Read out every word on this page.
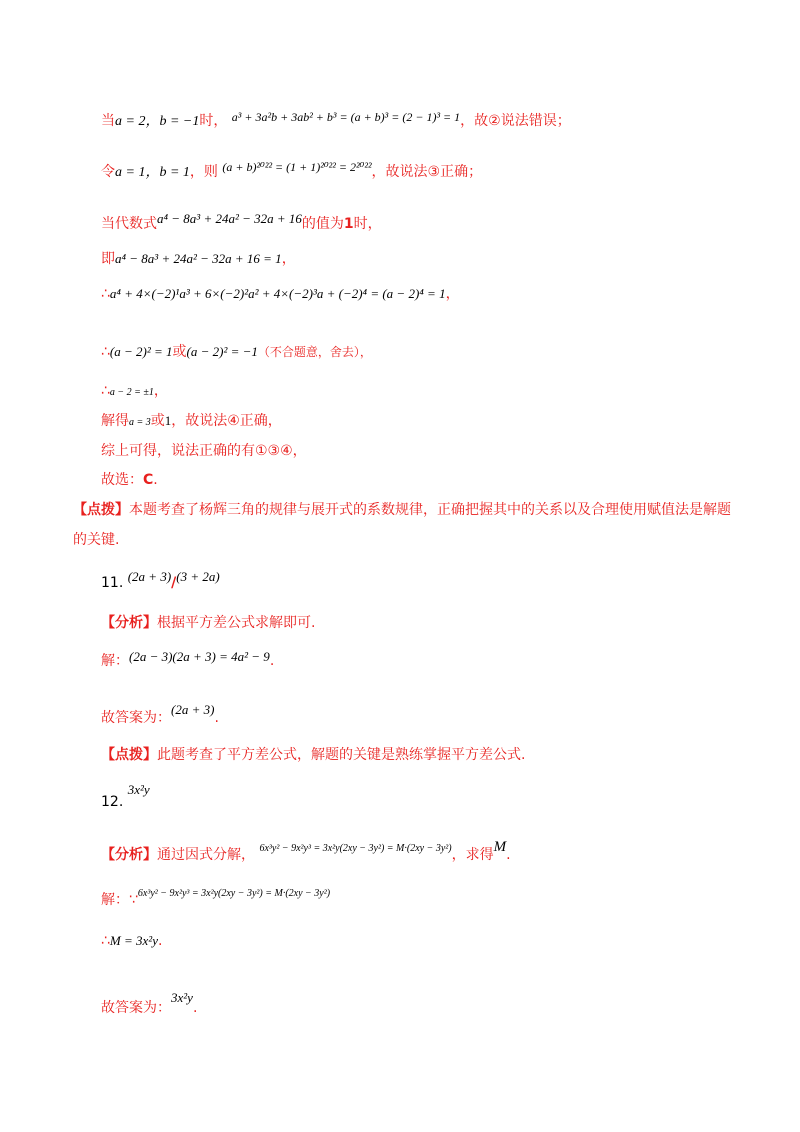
当a = 2，b = −1时， a³ + 3a²b + 3ab² + b³ = (a + b)³ = (2 − 1)³ = 1，故②说法错误；
令a = 1，b = 1，则 (a + b)²⁰²² = (1 + 1)²⁰²² = 2²⁰²²，故说法③正确；
当代数式a⁴ − 8a³ + 24a² − 32a + 16的值为1时，
即a⁴ − 8a³ + 24a² − 32a + 16 = 1，
∴a⁴ + 4×(−2)¹a³ + 6×(−2)²a² + 4×(−2)³a + (−2)⁴ = (a − 2)⁴ = 1，
∴(a − 2)² = 1或(a − 2)² = −1（不合题意，舍去），
∴a − 2 = ±1，
解得a = 3或1，故说法④正确，
综上可得，说法正确的有①③④，
故选：C.
【点拨】本题考查了杨辉三角的规律与展开式的系数规律，正确把握其中的关系以及合理使用赋值法是解题的关键.
11. (2a + 3)/(3 + 2a)
【分析】根据平方差公式求解即可.
解：(2a − 3)(2a + 3) = 4a² − 9.
故答案为：(2a + 3).
【点拨】此题考查了平方差公式，解题的关键是熟练掌握平方差公式.
12. 3x²y
【分析】通过因式分解， $^{6x^3y^2 - 9x^2y^3 = 3x^2y(2xy - 3y^2) = M\cdot(2xy - 3y^2)}$，求得M.
解：∵$^{6x^3y^2 - 9x^2y^3 = 3x^2y(2xy - 3y^2) = M\cdot(2xy - 3y^2)}$
∴M = 3x²y.
故答案为：3x²y.
